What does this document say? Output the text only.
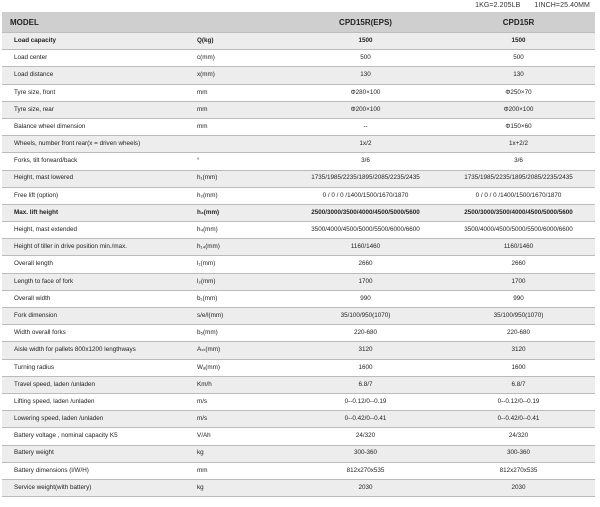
1KG=2.205LB 1INCH=25.40MM
MODEL		CPD15R(EPS)	CPD15R
Load capacity	Q(kg)	1500	1500
Load center	c(mm)	500	500
Load distance	x(mm)	130	130
Tyre size, front	mm	Φ280×100	Φ250×70
Tyre size, rear	mm	Φ200×100	Φ200×100
Balance wheel dimension	mm	--	Φ150×60
Wheels, number front rear(x = driven wheels)		1x/2	1x+2/2
Forks, tilt forward/back	°	3/6	3/6
Height, mast lowered	h₁(mm)	1735/1985/2235/1895/2085/2235/2435	1735/1985/2235/1895/2085/2235/2435
Free lift (option)	h₂(mm)	0 / 0 / 0 /1400/1500/1670/1870	0 / 0 / 0 /1400/1500/1670/1870
Max. lift height	h₃(mm)	2500/3000/3500/4000/4500/5000/5600	2500/3000/3500/4000/4500/5000/5600
Height, mast extended	h₄(mm)	3500/4000/4500/5000/5500/6000/6600	3500/4000/4500/5000/5500/6000/6600
Height of tiller in drive position min./max.	h₁₄(mm)	1160/1460	1160/1460
Overall length	l₁(mm)	2660	2660
Length to face of fork	l₂(mm)	1700	1700
Overall width	b₁(mm)	990	990
Fork dimension	s/e/l(mm)	35/100/950(1070)	35/100/950(1070)
Width overall forks	b₅(mm)	220-680	220-680
Aisle width for pallets 800x1200 lengthways	Aₛₜ(mm)	3120	3120
Turning radius	Wₐ(mm)	1600	1600
Travel speed, laden /unladen	Km/h	6.8/7	6.8/7
Lifting speed, laden /unladen	m/s	0--0.12/0--0.19	0--0.12/0--0.19
Lowering speed, laden /unladen	m/s	0--0.42/0--0.41	0--0.42/0--0.41
Battery voltage , nominal capacity K5	V/Ah	24/320	24/320
Battery weight	kg	300-360	300-360
Battery dimensions (l/W/H)	mm	812x270x535	812x270x535
Service weight(with battery)	kg	2030	2030
